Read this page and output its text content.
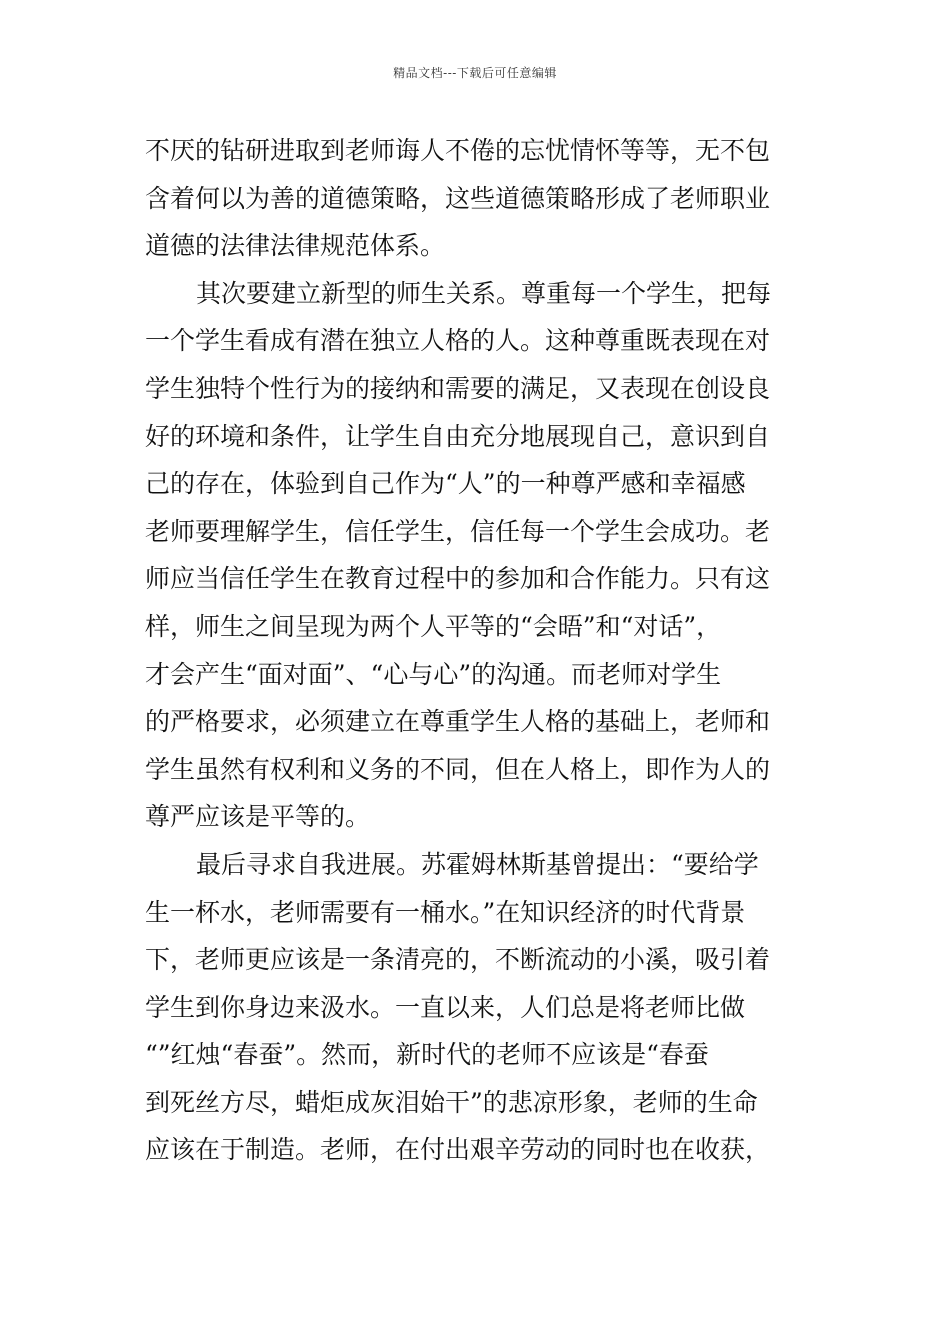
精品文档---下载后可任意编辑
不厌的钻研进取到老师诲人不倦的忘忧情怀等等，无不包
含着何以为善的道德策略，这些道德策略形成了老师职业
道德的法律法律规范体系。
其次要建立新型的师生关系。尊重每一个学生，把每
一个学生看成有潜在独立人格的人。这种尊重既表现在对
学生独特个性行为的接纳和需要的满足，又表现在创设良
好的环境和条件，让学生自由充分地展现自己，意识到自
己的存在，体验到自己作为“人”的一种尊严感和幸福感
老师要理解学生，信任学生，信任每一个学生会成功。老
师应当信任学生在教育过程中的参加和合作能力。只有这
样，师生之间呈现为两个人平等的“会晤”和“对话”，
才会产生“面对面”、“心与心”的沟通。而老师对学生
的严格要求，必须建立在尊重学生人格的基础上，老师和
学生虽然有权利和义务的不同，但在人格上，即作为人的
尊严应该是平等的。
最后寻求自我进展。苏霍姆林斯基曾提出：“要给学
生一杯水，老师需要有一桶水。”在知识经济的时代背景
下，老师更应该是一条清亮的，不断流动的小溪，吸引着
学生到你身边来汲水。一直以来，人们总是将老师比做
“”红烛“春蚕”。然而，新时代的老师不应该是“春蚕
到死丝方尽，蜡炬成灰泪始干”的悲凉形象，老师的生命
应该在于制造。老师，在付出艰辛劳动的同时也在收获，
